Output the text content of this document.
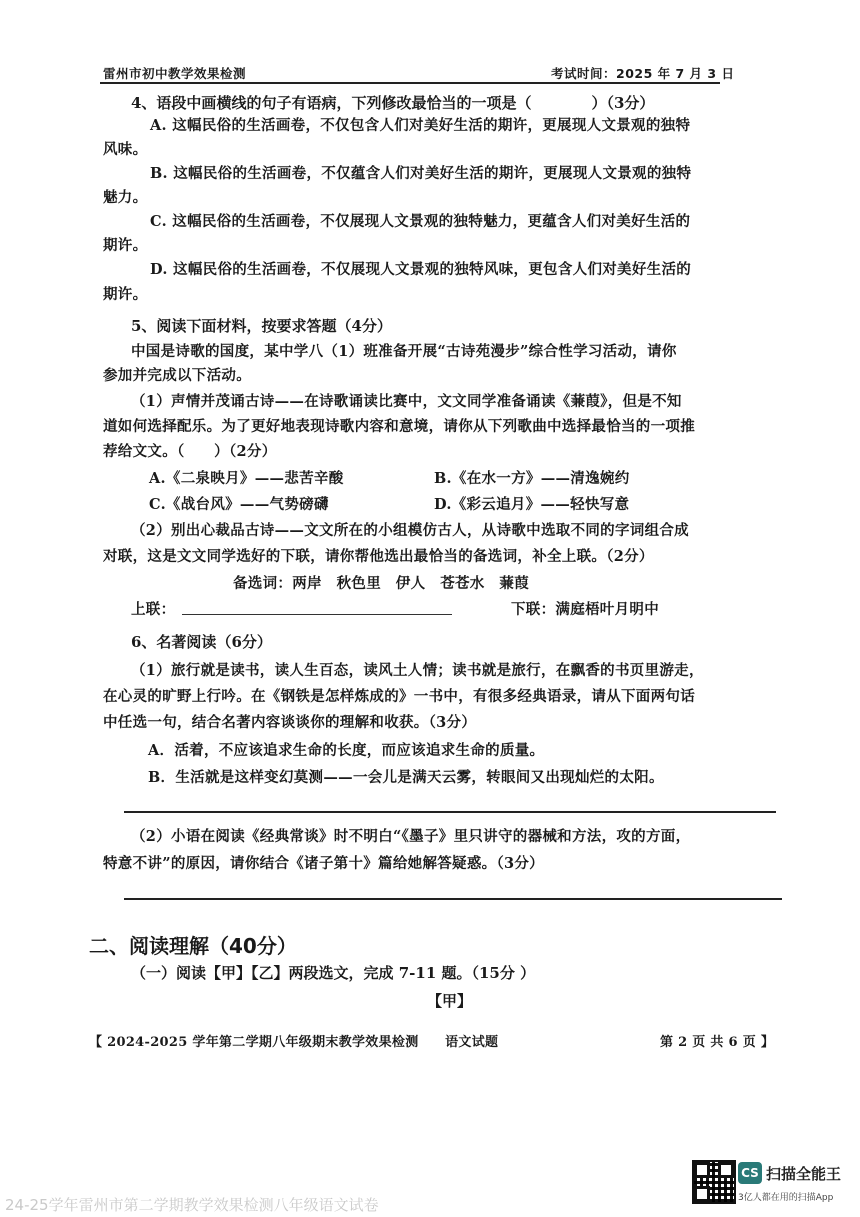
雷州市初中教学效果检测	考试时间：2025 年 7 月 3 日
4、语段中画横线的句子有语病，下列修改最恰当的一项是（　　　　）（3分）
A. 这幅民俗的生活画卷，不仅包含人们对美好生活的期许，更展现人文景观的独特
风味。
B. 这幅民俗的生活画卷，不仅蕴含人们对美好生活的期许，更展现人文景观的独特
魅力。
C. 这幅民俗的生活画卷，不仅展现人文景观的独特魅力，更蕴含人们对美好生活的
期许。
D. 这幅民俗的生活画卷，不仅展现人文景观的独特风味，更包含人们对美好生活的
期许。
5、阅读下面材料，按要求答题（4分）
中国是诗歌的国度，某中学八（1）班准备开展“古诗苑漫步”综合性学习活动，请你
参加并完成以下活动。
（1）声情并茂诵古诗——在诗歌诵读比赛中，文文同学准备诵读《蒹葭》，但是不知
道如何选择配乐。为了更好地表现诗歌内容和意境，请你从下列歌曲中选择最恰当的一项推
荐给文文。（　　）（2分）
A.《二泉映月》——悲苦辛酸	B.《在水一方》——清逸婉约
C.《战台风》——气势磅礴	D.《彩云追月》——轻快写意
（2）别出心裁品古诗——文文所在的小组模仿古人，从诗歌中选取不同的字词组合成
对联，这是文文同学选好的下联，请你帮他选出最恰当的备选词，补全上联。（2分）
备选词：两岸　秋色里　伊人　苍苍水　蒹葭
上联：	下联：满庭梧叶月明中
6、名著阅读（6分）
（1）旅行就是读书，读人生百态，读风土人情；读书就是旅行，在飘香的书页里游走，
在心灵的旷野上行吟。在《钢铁是怎样炼成的》一书中，有很多经典语录，请从下面两句话
中任选一句，结合名著内容谈谈你的理解和收获。（3分）
A．活着，不应该追求生命的长度，而应该追求生命的质量。
B．生活就是这样变幻莫测——一会儿是满天云雾，转眼间又出现灿烂的太阳。
（2）小语在阅读《经典常谈》时不明白“《墨子》里只讲守的器械和方法，攻的方面，
特意不讲”的原因，请你结合《诸子第十》篇给她解答疑惑。（3分）
二、阅读理解（40分）
（一）阅读【甲】【乙】两段选文，完成 7-11 题。（15分 ）
【甲】
【 2024-2025 学年第二学期八年级期末教学效果检测　　语文试题	第 2 页 共 6 页 】
24-25学年雷州市第二学期教学效果检测八年级语文试卷
CS 扫描全能王
3亿人都在用的扫描App
